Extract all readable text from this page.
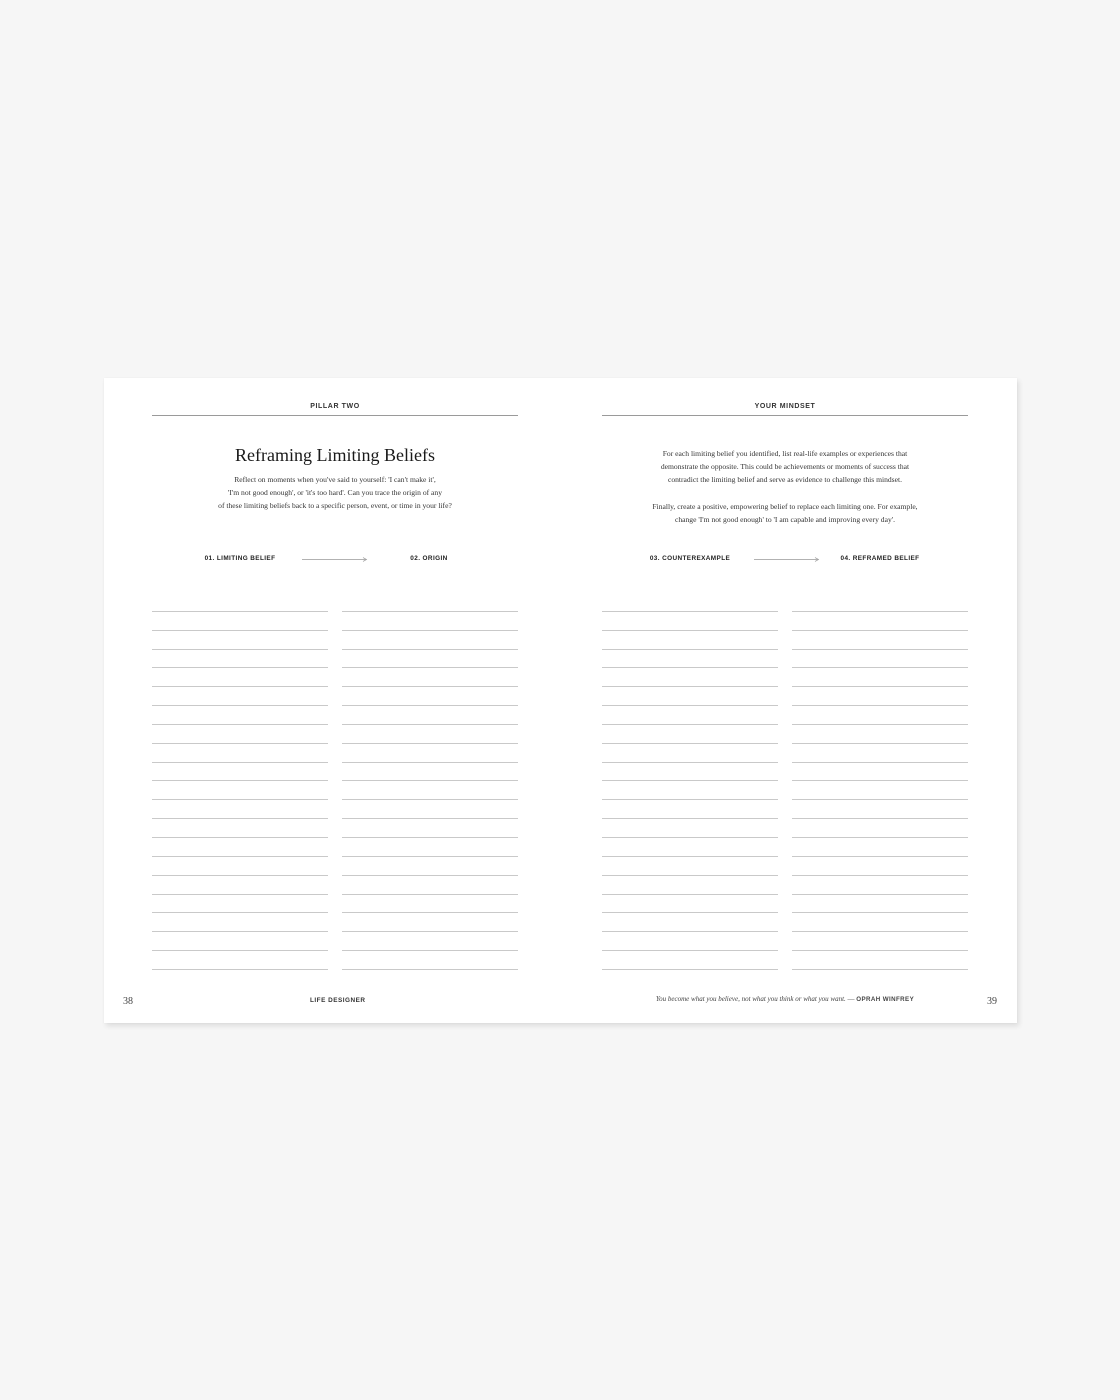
PILLAR TWO
Reframing Limiting Beliefs

Reflect on moments when you've said to yourself: 'I can't make it',
'I'm not good enough', or 'it's too hard'. Can you trace the origin of any
of these limiting beliefs back to a specific person, event, or time in your life?

01. LIMITING BELIEF	02. ORIGIN
38	LIFE DESIGNER
YOUR MINDSET

For each limiting belief you identified, list real-life examples or experiences that
demonstrate the opposite. This could be achievements or moments of success that
contradict the limiting belief and serve as evidence to challenge this mindset.

Finally, create a positive, empowering belief to replace each limiting one. For example,
change 'I'm not good enough' to 'I am capable and improving every day'.

03. COUNTEREXAMPLE	04. REFRAMED BELIEF
You become what you believe, not what you think or what you want. — OPRAH WINFREY	39
